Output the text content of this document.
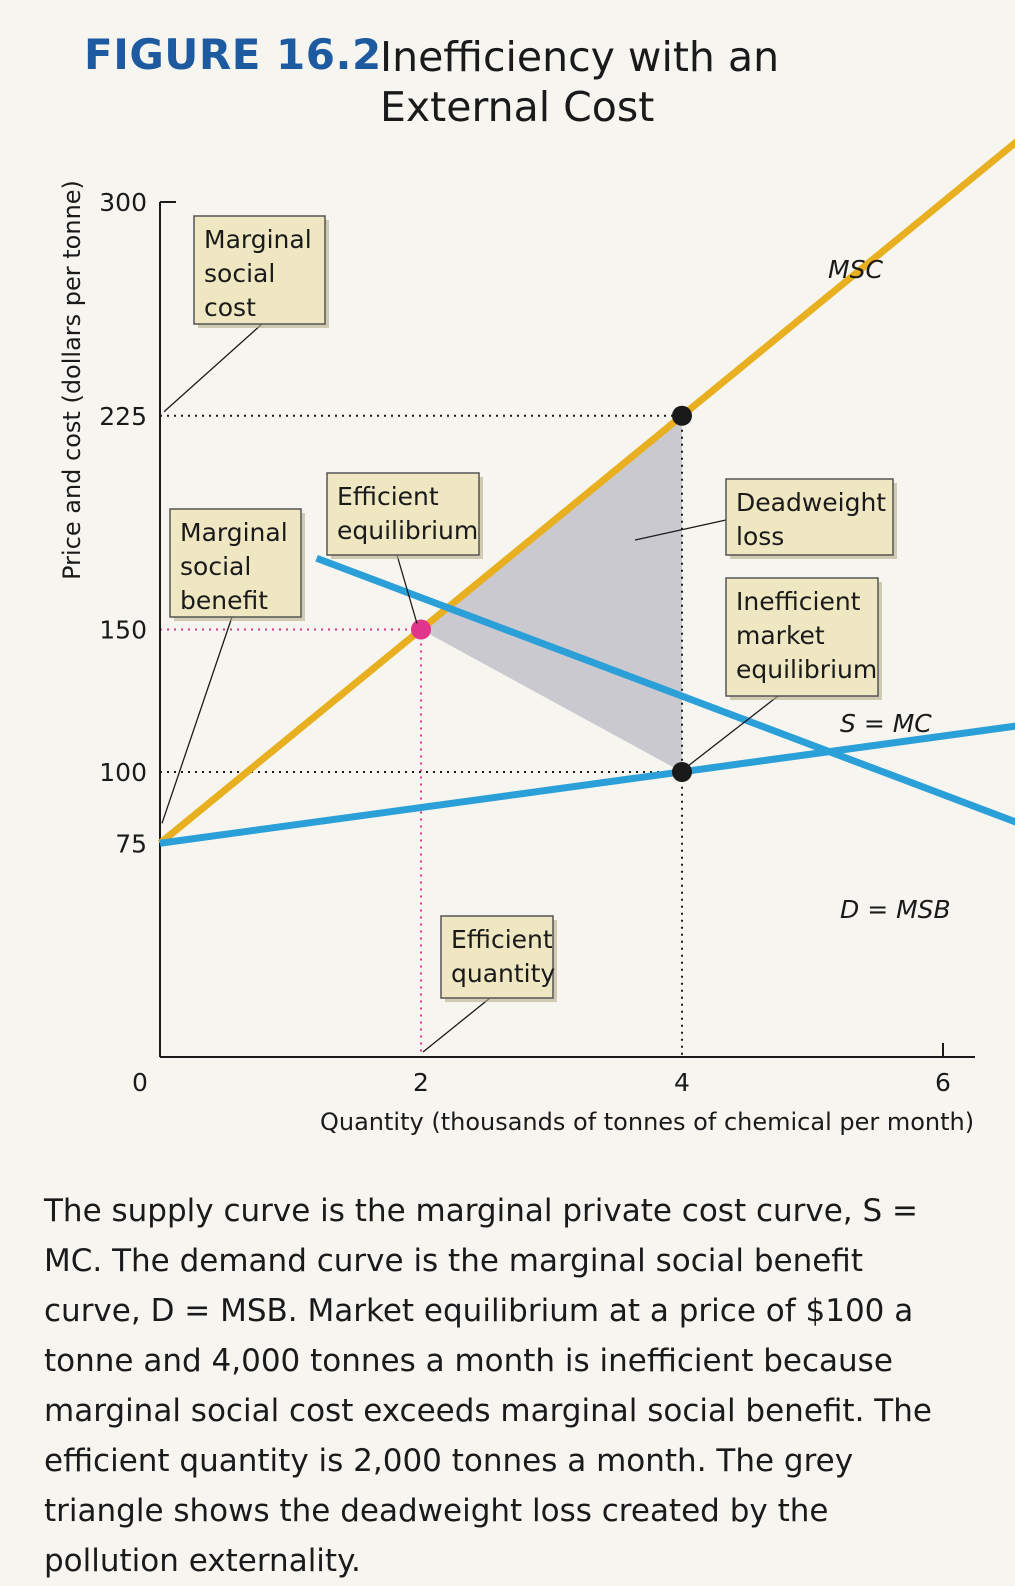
FIGURE 16.2
Inefficiency with an External Cost
Marginal
social
cost
Marginal
social
benefit
Efficient
equilibrium
Deadweight
loss
Inefficient
market
equilibrium
Efficient
quantity
75
100
150
225
300
0	2	4	6
Quantity (thousands of tonnes of chemical per month)
Price and cost (dollars per tonne)	MSC
S = MC
D = MSB
The supply curve is the marginal private cost curve, S = MC. The demand curve is the marginal social benefit curve, D = MSB. Market equilibrium at a price of $100 a tonne and 4,000 tonnes a month is inefficient because marginal social cost exceeds marginal social benefit. The efficient quantity is 2,000 tonnes a month. The grey triangle shows the deadweight loss created by the pollution externality.
